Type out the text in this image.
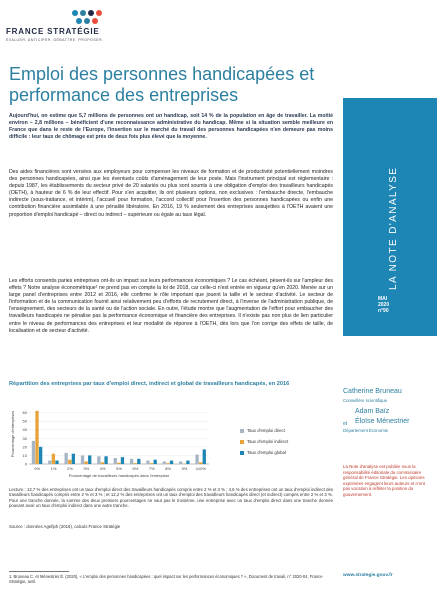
FRANCE STRATÉGIE
ÉVALUER. ANTICIPER. DÉBATTRE. PROPOSER.
Emploi des personnes handicapées et performance des entreprises
LA NOTE D'ANALYSE
MAI
2020
n°90

Aujourd'hui, on estime que 5,7 millions de personnes ont un handicap, soit 14 % de la population en âge de travailler. La moitié environ – 2,8 millions – bénéficient d'une reconnaissance administrative du handicap. Même si la situation semble meilleure en France que dans le reste de l'Europe, l'insertion sur le marché du travail des personnes handicapées n'en demeure pas moins difficile : leur taux de chômage est près de deux fois plus élevé que la moyenne.

Des aides financières sont versées aux employeurs pour compenser les niveaux de formation et de productivité potentiellement moindres des personnes handicapées, ainsi que les éventuels coûts d'aménagement de leur poste. Mais l'instrument principal est réglementaire : depuis 1987, les établissements du secteur privé de 20 salariés ou plus sont soumis à une obligation d'emploi des travailleurs handicapés (OETH), à hauteur de 6 % de leur effectif. Pour s'en acquitter, ils ont plusieurs options, non exclusives : l'embauche directe, l'embauche indirecte (sous-traitance, et intérim), l'accueil pour formation, l'accord collectif pour l'insertion des personnes handicapées ou enfin une contribution financière assimilable à une pénalité libératoire. En 2016, 19 % seulement des entreprises assujetties à l'OETH avaient une proportion d'emploi handicapé – direct ou indirect – supérieure ou égale au taux légal.

Les efforts consentis paries entreprises ont-ils un impact sur leurs performances économiques ? Le cas échéant, pèsent-ils sur l'ampleur des effets ? Notre analyse économétrique¹ ne prend pas en compte la loi de 2018, car celle-ci n'est entrée en vigueur qu'en 2020. Menée sur un large panel d'entreprises entre 2012 et 2016, elle confirme le rôle important que jouent la taille et le secteur d'activité. Le secteur de l'information et de la communication fournit ainsi relativement peu d'efforts de recrutement direct, à l'inverse de l'administration publique, de l'enseignement, des secteurs de la santé ou de l'action sociale. En outre, l'étude montre que l'augmentation de l'effort pour embaucher des travailleurs handicapés ne pénalise pas la performance économique et financière des entreprises. Il n'existe pas non plus de lien particulier entre le niveau de performances des entreprises et leur modalité de réponse à l'OETH, dès lors que l'on corrige des effets de taille, de localisation et de secteur d'activité.

Répartition des entreprises par taux d'emploi direct, indirect et global de travailleurs handicapés, en 2016
0
10
20
30
40
50
60
Pourcentage d'entreprises
0%	1%	2%	3%	4%	5%	6%	7%	8%	9% ≥10%
Pourcentage de travailleurs handicapés dans l'entreprise
Taux d'emploi direct
Taux d'emploi indirect
Taux d'emploi global

Lecture : 12,7 % des entreprises ont un taux d'emploi direct des travailleurs handicapés compris entre 2 % et 3 % ; 4,6 % des entreprises ont un taux d'emploi indirect des travailleurs handicapés compris entre 2 % et 3 % ; et 12,2 % des entreprises ont un taux d'emploi des travailleurs handicapés direct (et indirect) compris entre 2 % et 3 %. Pour une tranche donnée, la somme des deux premiers pourcentages ne vaut pas le troisième, une entreprise avec un taux d'emploi direct dans une tranche donnée pouvant avoir un taux d'emploi indirect dans une autre tranche.

Source : données Agefiph (2016), calculs France Stratégie

1. Bruneau C. et Ménestrier É. (2020), « L'emploi des personnes handicapées : quel impact sur les performances économiques ? », Document de travail, n° 2020-04, France Stratégie, avril.

Catherine Bruneau
Conseillère scientifique
Adam Baïz
et	Éloïse Ménestrier
Département Économie

La Note d'analyse est publiée sous la responsabilité éditoriale du commissaire général de France Stratégie. Les opinions exprimées engagent leurs auteurs et n'ont pas vocation à refléter la position du gouvernement.

www.strategie.gouv.fr
